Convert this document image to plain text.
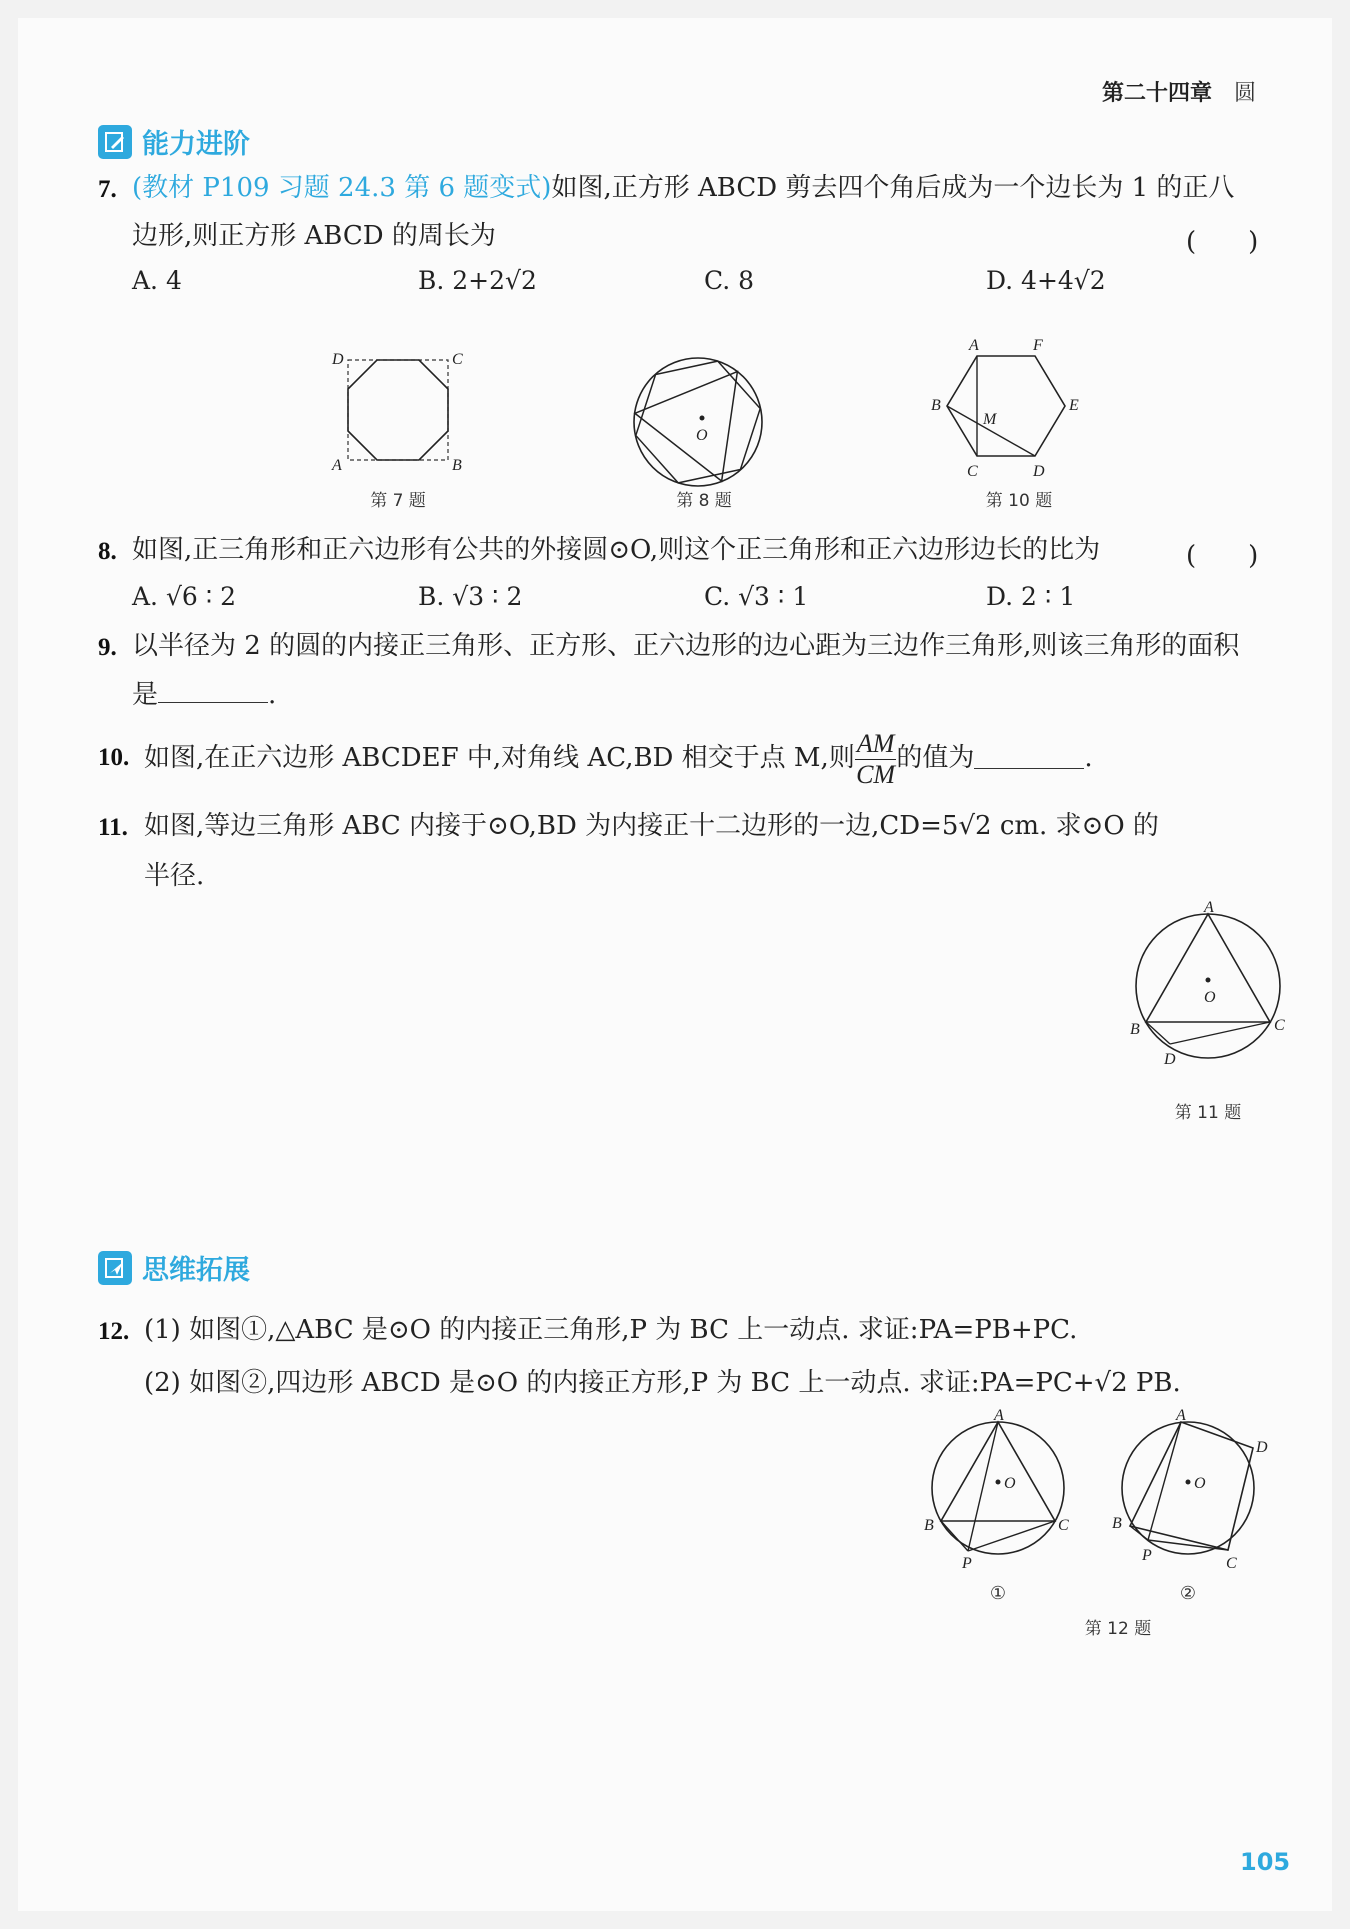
第二十四章 圆
能力进阶
7. (教材 P109 习题 24.3 第 6 题变式)如图,正方形 ABCD 剪去四个角后成为一个边长为 1 的正八
边形,则正方形 ABCD 的周长为	(　　)
A. 4	B. 2+2√2	C. 8	D. 4+4√2
D	C
A	B
第 7 题
O
第 8 题
A	F
B
M
E
C	D
第 10 题
8. 如图,正三角形和正六边形有公共的外接圆⊙O,则这个正三角形和正六边形边长的比为	(　　)
A. √6 ∶ 2	B. √3 ∶ 2	C. √3 ∶ 1	D. 2 ∶ 1
9. 以半径为 2 的圆的内接正三角形、正方形、正六边形的边心距为三边作三角形,则该三角形的面积
是	.
10. 如图,在正六边形 ABCDEF 中,对角线 AC,BD 相交于点 M,则 $\frac{AM}{CM}$ 的值为	.
11. 如图,等边三角形 ABC 内接于⊙O,BD 为内接正十二边形的一边,CD=5√2 cm. 求⊙O 的
半径.
A
O
B	C
D
第 11 题
思维拓展
12. (1) 如图①,△ABC 是⊙O 的内接正三角形,P 为 BC 上一动点. 求证:PA=PB+PC.
(2) 如图②,四边形 ABCD 是⊙O 的内接正方形,P 为 BC 上一动点. 求证:PA=PC+√2 PB.
A
O
B	C
P
①
A
D
O
B
P	C
②
第 12 题
105
